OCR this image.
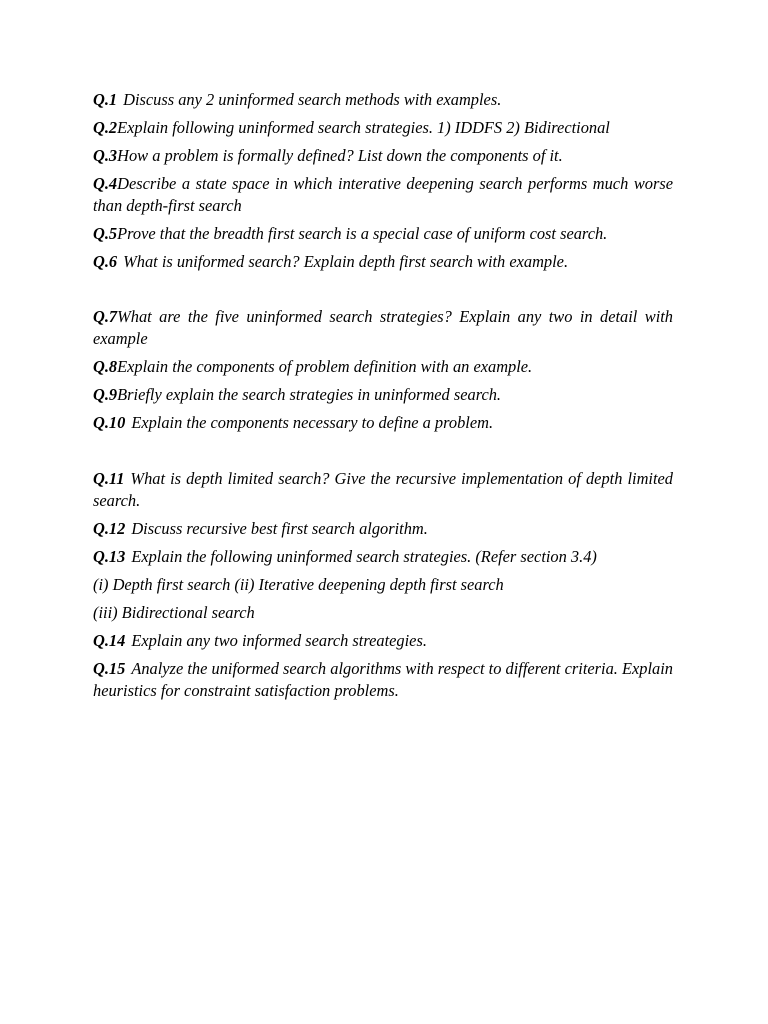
Q.1 Discuss any 2 uninformed search methods with examples.

Q.2Explain following uninformed search strategies. 1) IDDFS 2) Bidirectional

Q.3How a problem is formally defined? List down the components of it.

Q.4Describe a state space in which interative deepening search performs much worse than depth-first search

Q.5Prove that the breadth first search is a special case of uniform cost search.

Q.6 What is uniformed search? Explain depth first search with example.

Q.7What are the five uninformed search strategies? Explain any two in detail with example

Q.8Explain the components of problem definition with an example.

Q.9Briefly explain the search strategies in uninformed search.

Q.10 Explain the components necessary to define a problem.

Q.11 What is depth limited search? Give the recursive implementation of depth limited search.

Q.12 Discuss recursive best first search algorithm.

Q.13 Explain the following uninformed search strategies. (Refer section 3.4)

(i) Depth first search (ii) Iterative deepening depth first search

(iii) Bidirectional search

Q.14 Explain any two informed search streategies.

Q.15 Analyze the uniformed search algorithms with respect to different criteria. Explain heuristics for constraint satisfaction problems.
